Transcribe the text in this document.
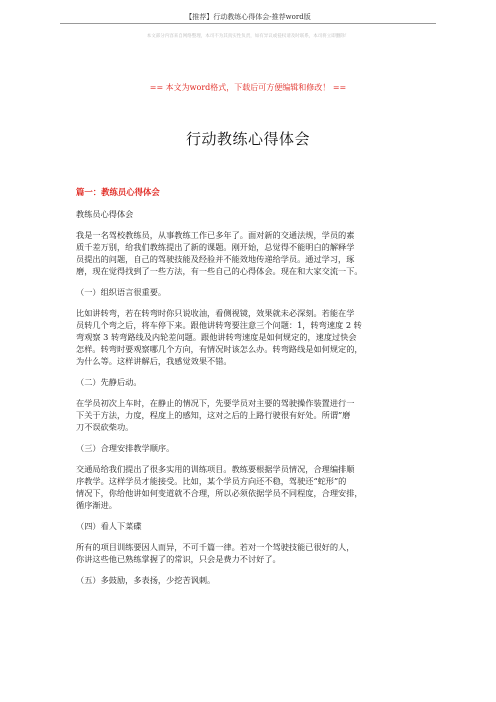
【推荐】行动教练心得体会-推荐word版
本文部分内容来自网络整理，本司不为其真实性负责，如有异议或侵权请及时联系，本司将立即删除！
== 本文为word格式，下载后可方便编辑和修改！ ==
行动教练心得体会
篇一：教练员心得体会
教练员心得体会
我是一名驾校教练员，从事教练工作已多年了。面对新的交通法规，学员的素
质千差万别，给我们教练提出了新的课题。刚开始，总觉得不能明白的解释学
员提出的问题，自己的驾驶技能及经验并不能效地传递给学员。通过学习，琢
磨，现在觉得找到了一些方法，有一些自己的心得体会。现在和大家交流一下。
（一）组织语言很重要。
比如讲转弯，若在转弯时你只说收油，看侧视镜，效果就未必深刻。若能在学
员转几个弯之后，将车停下来。跟他讲转弯要注意三个问题：1，转弯速度 2 转
弯观察 3 转弯路线及内轮差问题。跟他讲转弯速度是如何规定的，速度过快会
怎样。转弯时要观察哪几个方向，有情况时该怎么办。转弯路线是如何规定的，
为什么等。这样讲解后，我感觉效果不错。
（二）先静后动。
在学员初次上车时，在静止的情况下，先要学员对主要的驾驶操作装置进行一
下关于方法，力度，程度上的感知，这对之后的上路行驶很有好处。所谓”磨
刀不误砍柴功。
（三）合理安排教学顺序。
交通局给我们提出了很多实用的训练项目。教练要根据学员情况，合理编排顺
序教学。这样学员才能接受。比如，某个学员方向还不稳，驾驶还“蛇形”的
情况下，你给他讲如何变道就不合理，所以必须依据学员不同程度，合理安排，
循序渐进。
（四）看人下菜碟
所有的项目训练要因人而异，不可千篇一律。若对一个驾驶技能已很好的人，
你讲这些他已熟练掌握了的常识，只会是费力不讨好了。
（五）多鼓励，多表扬，少挖苦讽刺。
